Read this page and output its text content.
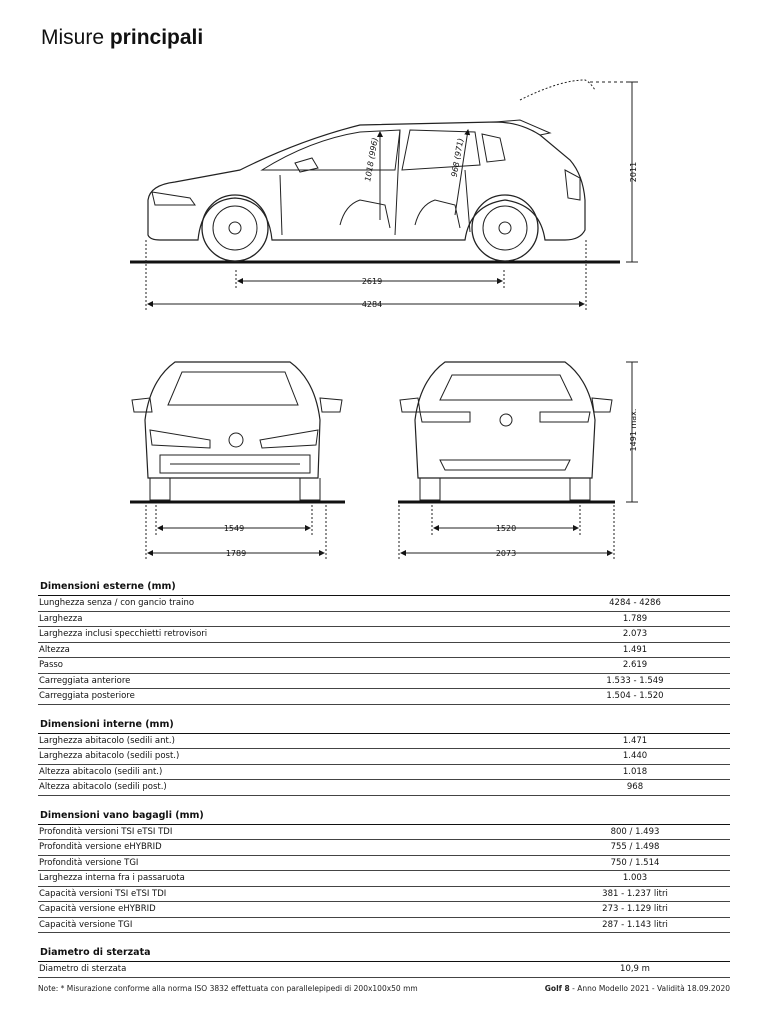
Misure principali
2011
2619
4284
1018 (996)	968 (971)
1549
1789
1520
2073
1491 max.
Dimensioni esterne (mm)
Lunghezza senza / con gancio traino	4284 - 4286
Larghezza	1.789
Larghezza inclusi specchietti retrovisori	2.073
Altezza	1.491
Passo	2.619
Carreggiata anteriore	1.533 - 1.549
Carreggiata posteriore	1.504 - 1.520
Dimensioni interne (mm)
Larghezza abitacolo (sedili ant.)	1.471
Larghezza abitacolo (sedili post.)	1.440
Altezza abitacolo (sedili ant.)	1.018
Altezza abitacolo (sedili post.)	968
Dimensioni vano bagagli (mm)
Profondità versioni TSI eTSI TDI	800 / 1.493
Profondità versione eHYBRID	755 / 1.498
Profondità versione TGI	750 / 1.514
Larghezza interna fra i passaruota	1.003
Capacità versioni TSI eTSI TDI	381 - 1.237 litri
Capacità versione eHYBRID	273 - 1.129 litri
Capacità versione TGI	287 - 1.143 litri
Diametro di sterzata
Diametro di sterzata	10,9 m
Note: * Misurazione conforme alla norma ISO 3832 effettuata con parallelepipedi di 200x100x50 mm	Golf 8 - Anno Modello 2021 - Validità 18.09.2020
